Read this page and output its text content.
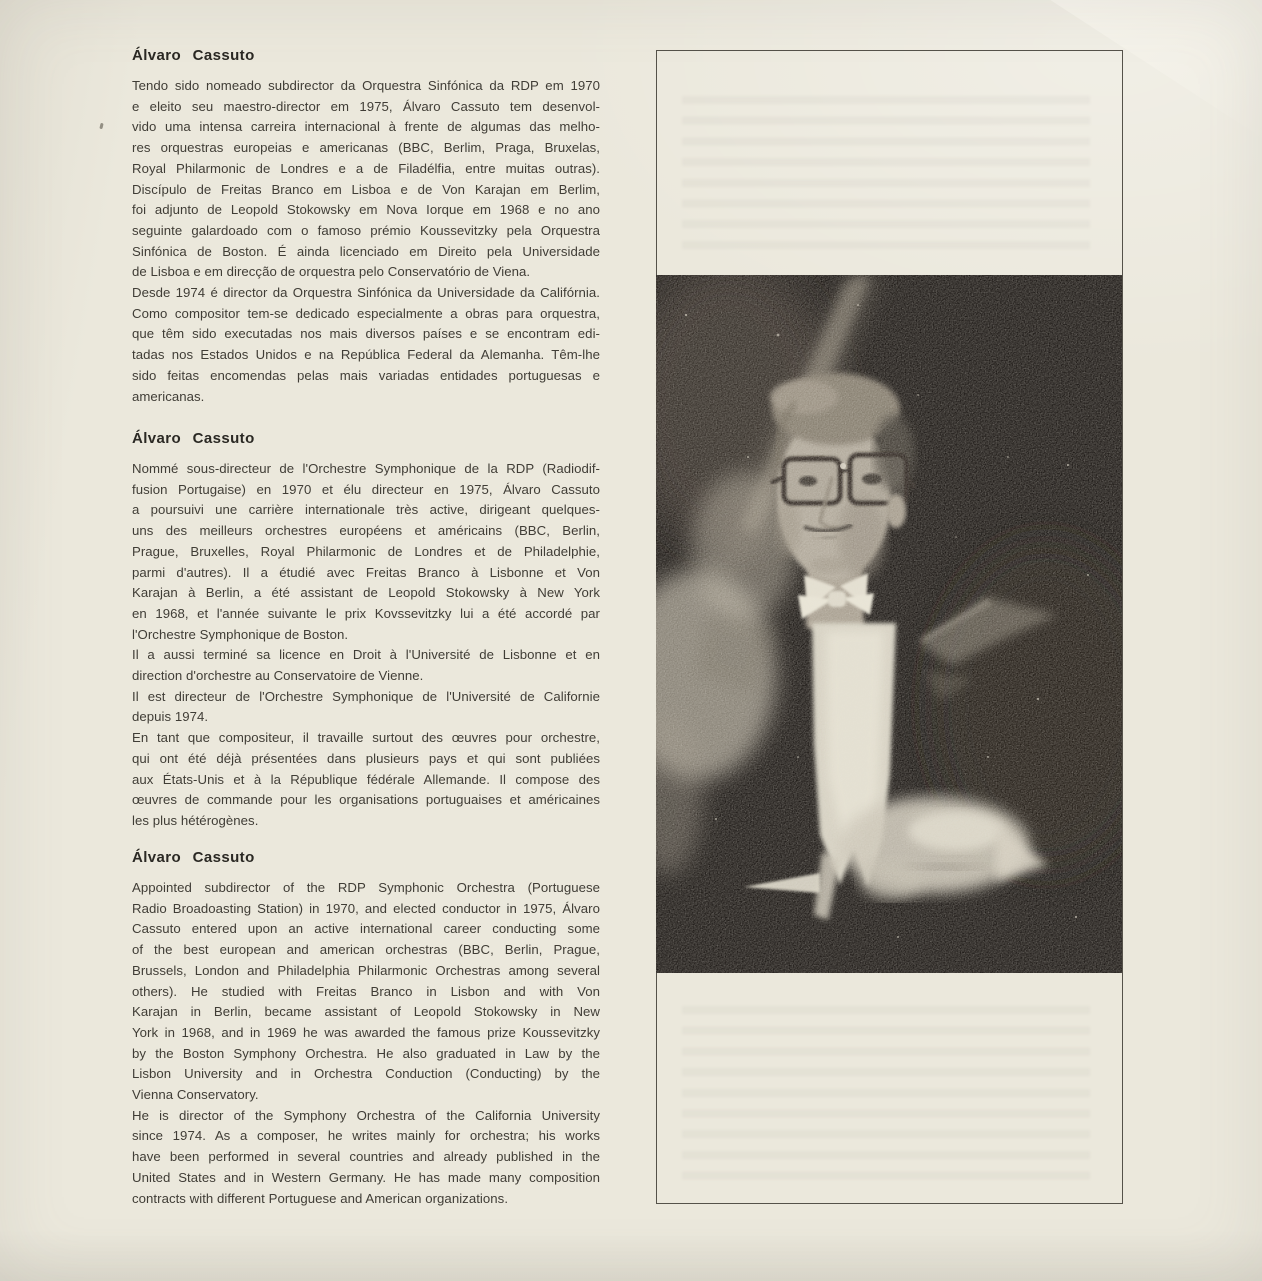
Álvaro Cassuto
Tendo sido nomeado subdirector da Orquestra Sinfónica da RDP em 1970
e eleito seu maestro-director em 1975, Álvaro Cassuto tem desenvol-
vido uma intensa carreira internacional à frente de algumas das melho-
res orquestras europeias e americanas (BBC, Berlim, Praga, Bruxelas,
Royal Philarmonic de Londres e a de Filadélfia, entre muitas outras).
Discípulo de Freitas Branco em Lisboa e de Von Karajan em Berlim,
foi adjunto de Leopold Stokowsky em Nova Iorque em 1968 e no ano
seguinte galardoado com o famoso prémio Koussevitzky pela Orquestra
Sinfónica de Boston. É ainda licenciado em Direito pela Universidade
de Lisboa e em direcção de orquestra pelo Conservatório de Viena.
Desde 1974 é director da Orquestra Sinfónica da Universidade da Califórnia.
Como compositor tem-se dedicado especialmente a obras para orquestra,
que têm sido executadas nos mais diversos países e se encontram edi-
tadas nos Estados Unidos e na República Federal da Alemanha. Têm-lhe
sido feitas encomendas pelas mais variadas entidades portuguesas e
americanas.
Álvaro Cassuto
Nommé sous-directeur de l'Orchestre Symphonique de la RDP (Radiodif-
fusion Portugaise) en 1970 et élu directeur en 1975, Álvaro Cassuto
a poursuivi une carrière internationale très active, dirigeant quelques-
uns des meilleurs orchestres européens et américains (BBC, Berlin,
Prague, Bruxelles, Royal Philarmonic de Londres et de Philadelphie,
parmi d'autres). Il a étudié avec Freitas Branco à Lisbonne et Von
Karajan à Berlin, a été assistant de Leopold Stokowsky à New York
en 1968, et l'année suivante le prix Kovssevitzky lui a été accordé par
l'Orchestre Symphonique de Boston.
Il a aussi terminé sa licence en Droit à l'Université de Lisbonne et en
direction d'orchestre au Conservatoire de Vienne.
Il est directeur de l'Orchestre Symphonique de l'Université de Californie
depuis 1974.
En tant que compositeur, il travaille surtout des œuvres pour orchestre,
qui ont été déjà présentées dans plusieurs pays et qui sont publiées
aux États-Unis et à la République fédérale Allemande. Il compose des
œuvres de commande pour les organisations portuguaises et américaines
les plus hétérogènes.
Álvaro Cassuto
Appointed subdirector of the RDP Symphonic Orchestra (Portuguese
Radio Broadoasting Station) in 1970, and elected conductor in 1975, Álvaro
Cassuto entered upon an active international career conducting some
of the best european and american orchestras (BBC, Berlin, Prague,
Brussels, London and Philadelphia Philarmonic Orchestras among several
others). He studied with Freitas Branco in Lisbon and with Von
Karajan in Berlin, became assistant of Leopold Stokowsky in New
York in 1968, and in 1969 he was awarded the famous prize Koussevitzky
by the Boston Symphony Orchestra. He also graduated in Law by the
Lisbon University and in Orchestra Conduction (Conducting) by the
Vienna Conservatory.
He is director of the Symphony Orchestra of the California University
since 1974. As a composer, he writes mainly for orchestra; his works
have been performed in several countries and already published in the
United States and in Western Germany. He has made many composition
contracts with different Portuguese and American organizations.
